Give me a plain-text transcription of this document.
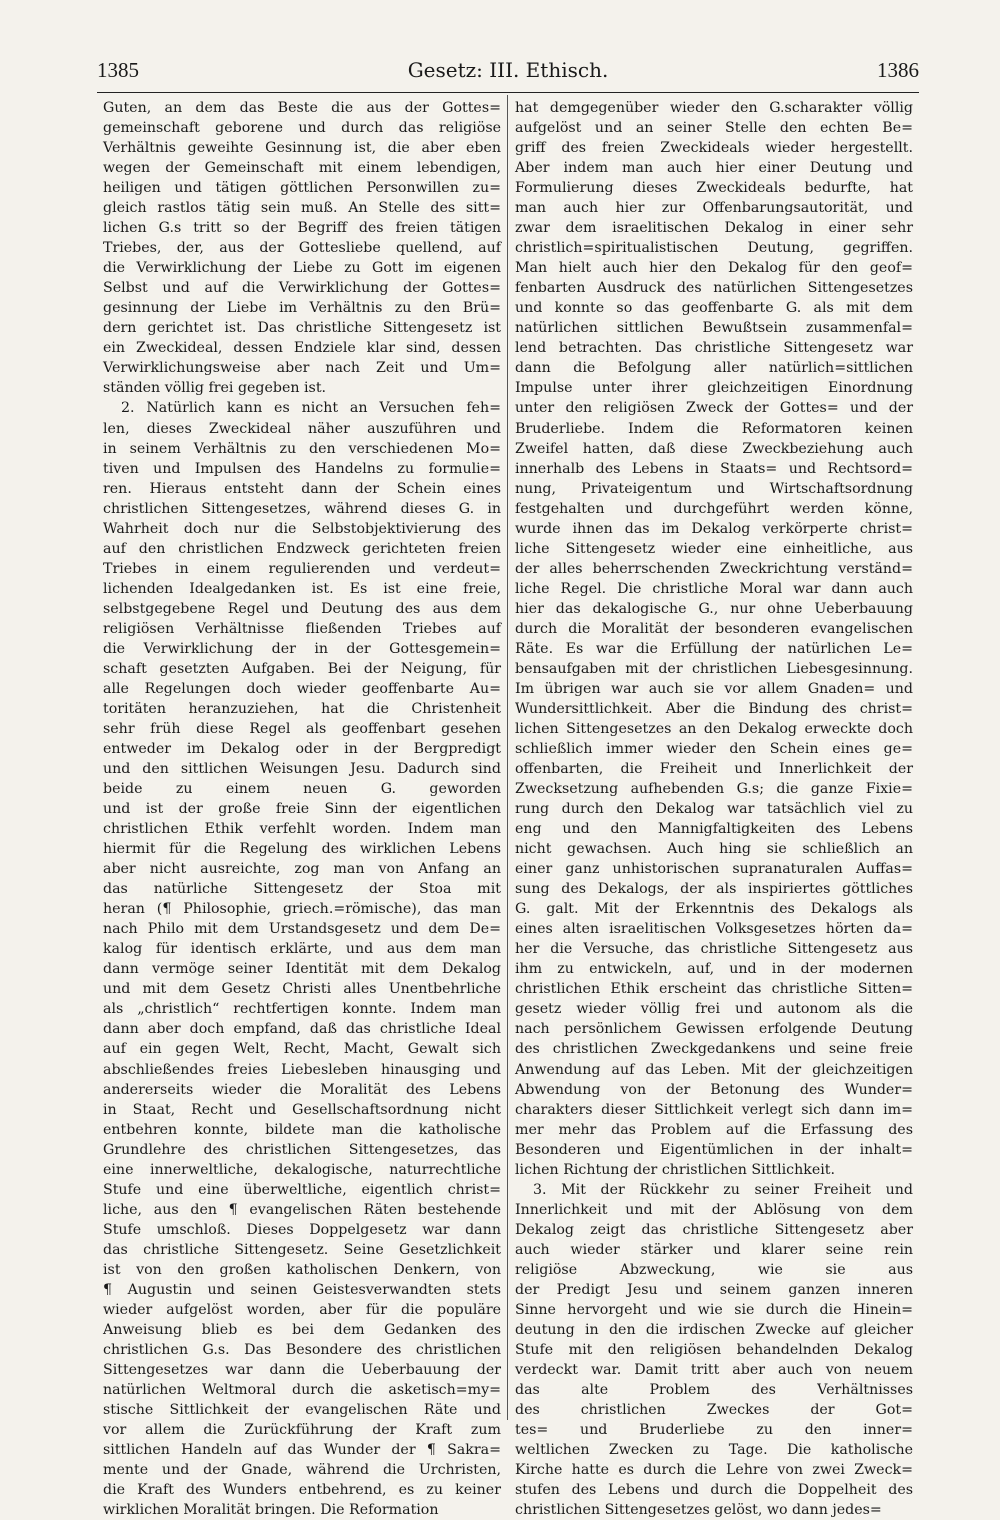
1385	Gesetz: III. Ethisch.	1386
Guten, an dem das Beste die aus der Gottes=
gemeinschaft geborene und durch das religiöse
Verhältnis geweihte Gesinnung ist, die aber eben
wegen der Gemeinschaft mit einem lebendigen,
heiligen und tätigen göttlichen Personwillen zu=
gleich rastlos tätig sein muß. An Stelle des sitt=
lichen G.s tritt so der Begriff des freien tätigen
Triebes, der, aus der Gottesliebe quellend, auf
die Verwirklichung der Liebe zu Gott im eigenen
Selbst und auf die Verwirklichung der Gottes=
gesinnung der Liebe im Verhältnis zu den Brü=
dern gerichtet ist. Das christliche Sittengesetz ist
ein Zweckideal, dessen Endziele klar sind, dessen
Verwirklichungsweise aber nach Zeit und Um=
ständen völlig frei gegeben ist.
2. Natürlich kann es nicht an Versuchen feh=
len, dieses Zweckideal näher auszuführen und
in seinem Verhältnis zu den verschiedenen Mo=
tiven und Impulsen des Handelns zu formulie=
ren. Hieraus entsteht dann der Schein eines
christlichen Sittengesetzes, während dieses G. in
Wahrheit doch nur die Selbstobjektivierung des
auf den christlichen Endzweck gerichteten freien
Triebes in einem regulierenden und verdeut=
lichenden Idealgedanken ist. Es ist eine freie,
selbstgegebene Regel und Deutung des aus dem
religiösen Verhältnisse fließenden Triebes auf
die Verwirklichung der in der Gottesgemein=
schaft gesetzten Aufgaben. Bei der Neigung, für
alle Regelungen doch wieder geoffenbarte Au=
toritäten heranzuziehen, hat die Christenheit
sehr früh diese Regel als geoffenbart gesehen
entweder im Dekalog oder in der Bergpredigt
und den sittlichen Weisungen Jesu. Dadurch sind
beide zu einem neuen G. geworden
und ist der große freie Sinn der eigentlichen
christlichen Ethik verfehlt worden. Indem man
hiermit für die Regelung des wirklichen Lebens
aber nicht ausreichte, zog man von Anfang an
das natürliche Sittengesetz der Stoa mit
heran (¶ Philosophie, griech.=römische), das man
nach Philo mit dem Urstandsgesetz und dem De=
kalog für identisch erklärte, und aus dem man
dann vermöge seiner Identität mit dem Dekalog
und mit dem Gesetz Christi alles Unentbehrliche
als „christlich“ rechtfertigen konnte. Indem man
dann aber doch empfand, daß das christliche Ideal
auf ein gegen Welt, Recht, Macht, Gewalt sich
abschließendes freies Liebesleben hinausging und
andererseits wieder die Moralität des Lebens
in Staat, Recht und Gesellschaftsordnung nicht
entbehren konnte, bildete man die katholische
Grundlehre des christlichen Sittengesetzes, das
eine innerweltliche, dekalogische, naturrechtliche
Stufe und eine überweltliche, eigentlich christ=
liche, aus den ¶ evangelischen Räten bestehende
Stufe umschloß. Dieses Doppelgesetz war dann
das christliche Sittengesetz. Seine Gesetzlichkeit
ist von den großen katholischen Denkern, von
¶ Augustin und seinen Geistesverwandten stets
wieder aufgelöst worden, aber für die populäre
Anweisung blieb es bei dem Gedanken des
christlichen G.s. Das Besondere des christlichen
Sittengesetzes war dann die Ueberbauung der
natürlichen Weltmoral durch die asketisch=my=
stische Sittlichkeit der evangelischen Räte und
vor allem die Zurückführung der Kraft zum
sittlichen Handeln auf das Wunder der ¶ Sakra=
mente und der Gnade, während die Urchristen,
die Kraft des Wunders entbehrend, es zu keiner
wirklichen Moralität bringen. Die Reformation
hat demgegenüber wieder den G.scharakter völlig
aufgelöst und an seiner Stelle den echten Be=
griff des freien Zweckideals wieder hergestellt.
Aber indem man auch hier einer Deutung und
Formulierung dieses Zweckideals bedurfte, hat
man auch hier zur Offenbarungsautorität, und
zwar dem israelitischen Dekalog in einer sehr
christlich=spiritualistischen Deutung, gegriffen.
Man hielt auch hier den Dekalog für den geof=
fenbarten Ausdruck des natürlichen Sittengesetzes
und konnte so das geoffenbarte G. als mit dem
natürlichen sittlichen Bewußtsein zusammenfal=
lend betrachten. Das christliche Sittengesetz war
dann die Befolgung aller natürlich=sittlichen
Impulse unter ihrer gleichzeitigen Einordnung
unter den religiösen Zweck der Gottes= und der
Bruderliebe. Indem die Reformatoren keinen
Zweifel hatten, daß diese Zweckbeziehung auch
innerhalb des Lebens in Staats= und Rechtsord=
nung, Privateigentum und Wirtschaftsordnung
festgehalten und durchgeführt werden könne,
wurde ihnen das im Dekalog verkörperte christ=
liche Sittengesetz wieder eine einheitliche, aus
der alles beherrschenden Zweckrichtung verständ=
liche Regel. Die christliche Moral war dann auch
hier das dekalogische G., nur ohne Ueberbauung
durch die Moralität der besonderen evangelischen
Räte. Es war die Erfüllung der natürlichen Le=
bensaufgaben mit der christlichen Liebesgesinnung.
Im übrigen war auch sie vor allem Gnaden= und
Wundersittlichkeit. Aber die Bindung des christ=
lichen Sittengesetzes an den Dekalog erweckte doch
schließlich immer wieder den Schein eines ge=
offenbarten, die Freiheit und Innerlichkeit der
Zwecksetzung aufhebenden G.s; die ganze Fixie=
rung durch den Dekalog war tatsächlich viel zu
eng und den Mannigfaltigkeiten des Lebens
nicht gewachsen. Auch hing sie schließlich an
einer ganz unhistorischen supranaturalen Auffas=
sung des Dekalogs, der als inspiriertes göttliches
G. galt. Mit der Erkenntnis des Dekalogs als
eines alten israelitischen Volksgesetzes hörten da=
her die Versuche, das christliche Sittengesetz aus
ihm zu entwickeln, auf, und in der modernen
christlichen Ethik erscheint das christliche Sitten=
gesetz wieder völlig frei und autonom als die
nach persönlichem Gewissen erfolgende Deutung
des christlichen Zweckgedankens und seine freie
Anwendung auf das Leben. Mit der gleichzeitigen
Abwendung von der Betonung des Wunder=
charakters dieser Sittlichkeit verlegt sich dann im=
mer mehr das Problem auf die Erfassung des
Besonderen und Eigentümlichen in der inhalt=
lichen Richtung der christlichen Sittlichkeit.
3. Mit der Rückkehr zu seiner Freiheit und
Innerlichkeit und mit der Ablösung von dem
Dekalog zeigt das christliche Sittengesetz aber
auch wieder stärker und klarer seine rein
religiöse Abzweckung, wie sie aus
der Predigt Jesu und seinem ganzen inneren
Sinne hervorgeht und wie sie durch die Hinein=
deutung in den die irdischen Zwecke auf gleicher
Stufe mit den religiösen behandelnden Dekalog
verdeckt war. Damit tritt aber auch von neuem
das alte Problem des Verhältnisses
des christlichen Zweckes der Got=
tes= und Bruderliebe zu den inner=
weltlichen Zwecken zu Tage. Die katholische
Kirche hatte es durch die Lehre von zwei Zweck=
stufen des Lebens und durch die Doppelheit des
christlichen Sittengesetzes gelöst, wo dann jedes=
